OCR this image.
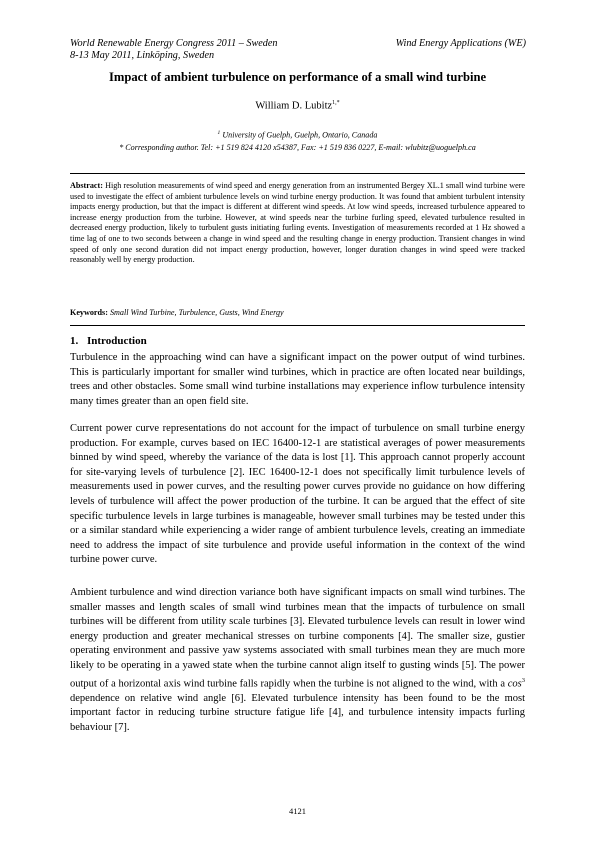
World Renewable Energy Congress 2011 – Sweden
8-13 May 2011, Linköping, Sweden
Wind Energy Applications (WE)
Impact of ambient turbulence on performance of a small wind turbine
William D. Lubitz$^{1,*}$
$^1$ University of Guelph, Guelph, Ontario, Canada
* Corresponding author. Tel: +1 519 824 4120 x54387, Fax: +1 519 836 0227, E-mail: wlubitz@uoguelph.ca
Abstract: High resolution measurements of wind speed and energy generation from an instrumented Bergey XL.1 small wind turbine were used to investigate the effect of ambient turbulence levels on wind turbine energy production. It was found that ambient turbulent intensity impacts energy production, but that the impact is different at different wind speeds. At low wind speeds, increased turbulence appeared to increase energy production from the turbine. However, at wind speeds near the turbine furling speed, elevated turbulence resulted in decreased energy production, likely to turbulent gusts initiating furling events. Investigation of measurements recorded at 1 Hz showed a time lag of one to two seconds between a change in wind speed and the resulting change in energy production. Transient changes in wind speed of only one second duration did not impact energy production, however, longer duration changes in wind speed were tracked reasonably well by energy production.
Keywords: Small Wind Turbine, Turbulence, Gusts, Wind Energy
1. Introduction
Turbulence in the approaching wind can have a significant impact on the power output of wind turbines. This is particularly important for smaller wind turbines, which in practice are often located near buildings, trees and other obstacles. Some small wind turbine installations may experience inflow turbulence intensity many times greater than an open field site.
Current power curve representations do not account for the impact of turbulence on small turbine energy production. For example, curves based on IEC 16400-12-1 are statistical averages of power measurements binned by wind speed, whereby the variance of the data is lost [1]. This approach cannot properly account for site-varying levels of turbulence [2]. IEC 16400-12-1 does not specifically limit turbulence levels of measurements used in power curves, and the resulting power curves provide no guidance on how differing levels of turbulence will affect the power production of the turbine. It can be argued that the effect of site specific turbulence levels in large turbines is manageable, however small turbines may be tested under this or a similar standard while experiencing a wider range of ambient turbulence levels, creating an immediate need to address the impact of site turbulence and provide useful information in the context of the wind turbine power curve.
Ambient turbulence and wind direction variance both have significant impacts on small wind turbines. The smaller masses and length scales of small wind turbines mean that the impacts of turbulence on small turbines will be different from utility scale turbines [3]. Elevated turbulence levels can result in lower wind energy production and greater mechanical stresses on turbine components [4]. The smaller size, gustier operating environment and passive yaw systems associated with small turbines mean they are much more likely to be operating in a yawed state when the turbine cannot align itself to gusting winds [5]. The power output of a horizontal axis wind turbine falls rapidly when the turbine is not aligned to the wind, with a $\cos^3$ dependence on relative wind angle [6]. Elevated turbulence intensity has been found to be the most important factor in reducing turbine structure fatigue life [4], and turbulence intensity impacts furling behaviour [7].
4121
